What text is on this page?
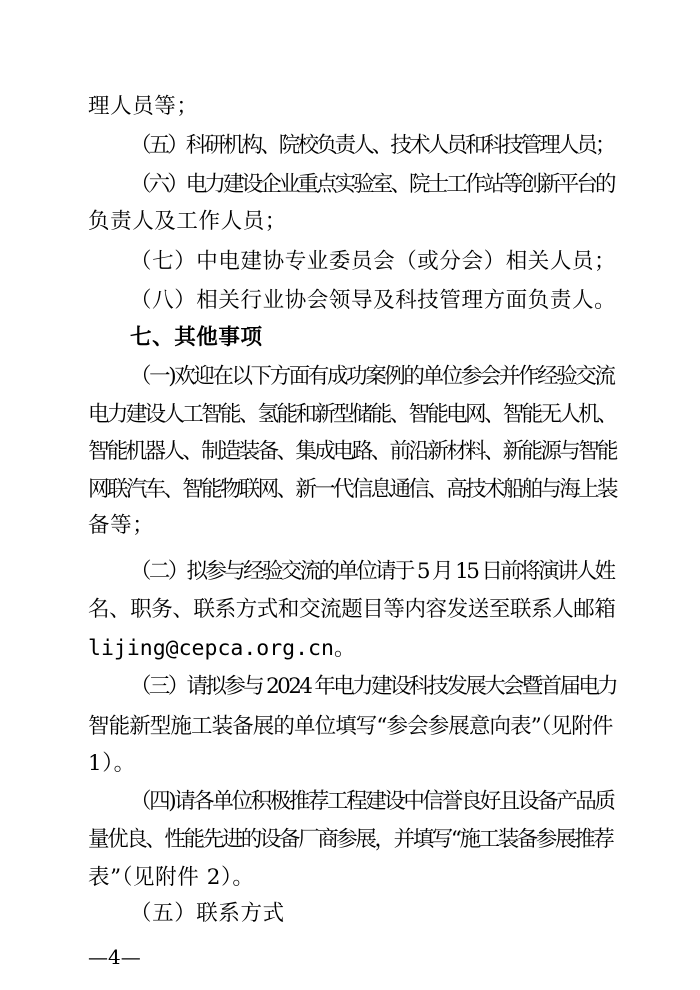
理人员等；
（五）科研机构、院校负责人、技术人员和科技管理人员；
（六）电力建设企业重点实验室、院士工作站等创新平台的
负责人及工作人员；
（七）中电建协专业委员会（或分会）相关人员；
（八）相关行业协会领导及科技管理方面负责人。
七、其他事项
（一)欢迎在以下方面有成功案例的单位参会并作经验交流
电力建设人工智能、氢能和新型储能、智能电网、智能无人机、
智能机器人、制造装备、集成电路、前沿新材料、新能源与智能
网联汽车、智能物联网、新一代信息通信、高技术船舶与海上装
备等；
（二）拟参与经验交流的单位请于 5 月 15 日前将演讲人姓
名、职务、联系方式和交流题目等内容发送至联系人邮箱
lijing@cepca.org.cn。
（三）请拟参与 2024 年电力建设科技发展大会暨首届电力
智能新型施工装备展的单位填写“参会参展意向表”（见附件
1）。
（四)请各单位积极推荐工程建设中信誉良好且设备产品质
量优良、性能先进的设备厂商参展，并填写“施工装备参展推荐
表”（见附件 2）。
（五）联系方式
—4—
